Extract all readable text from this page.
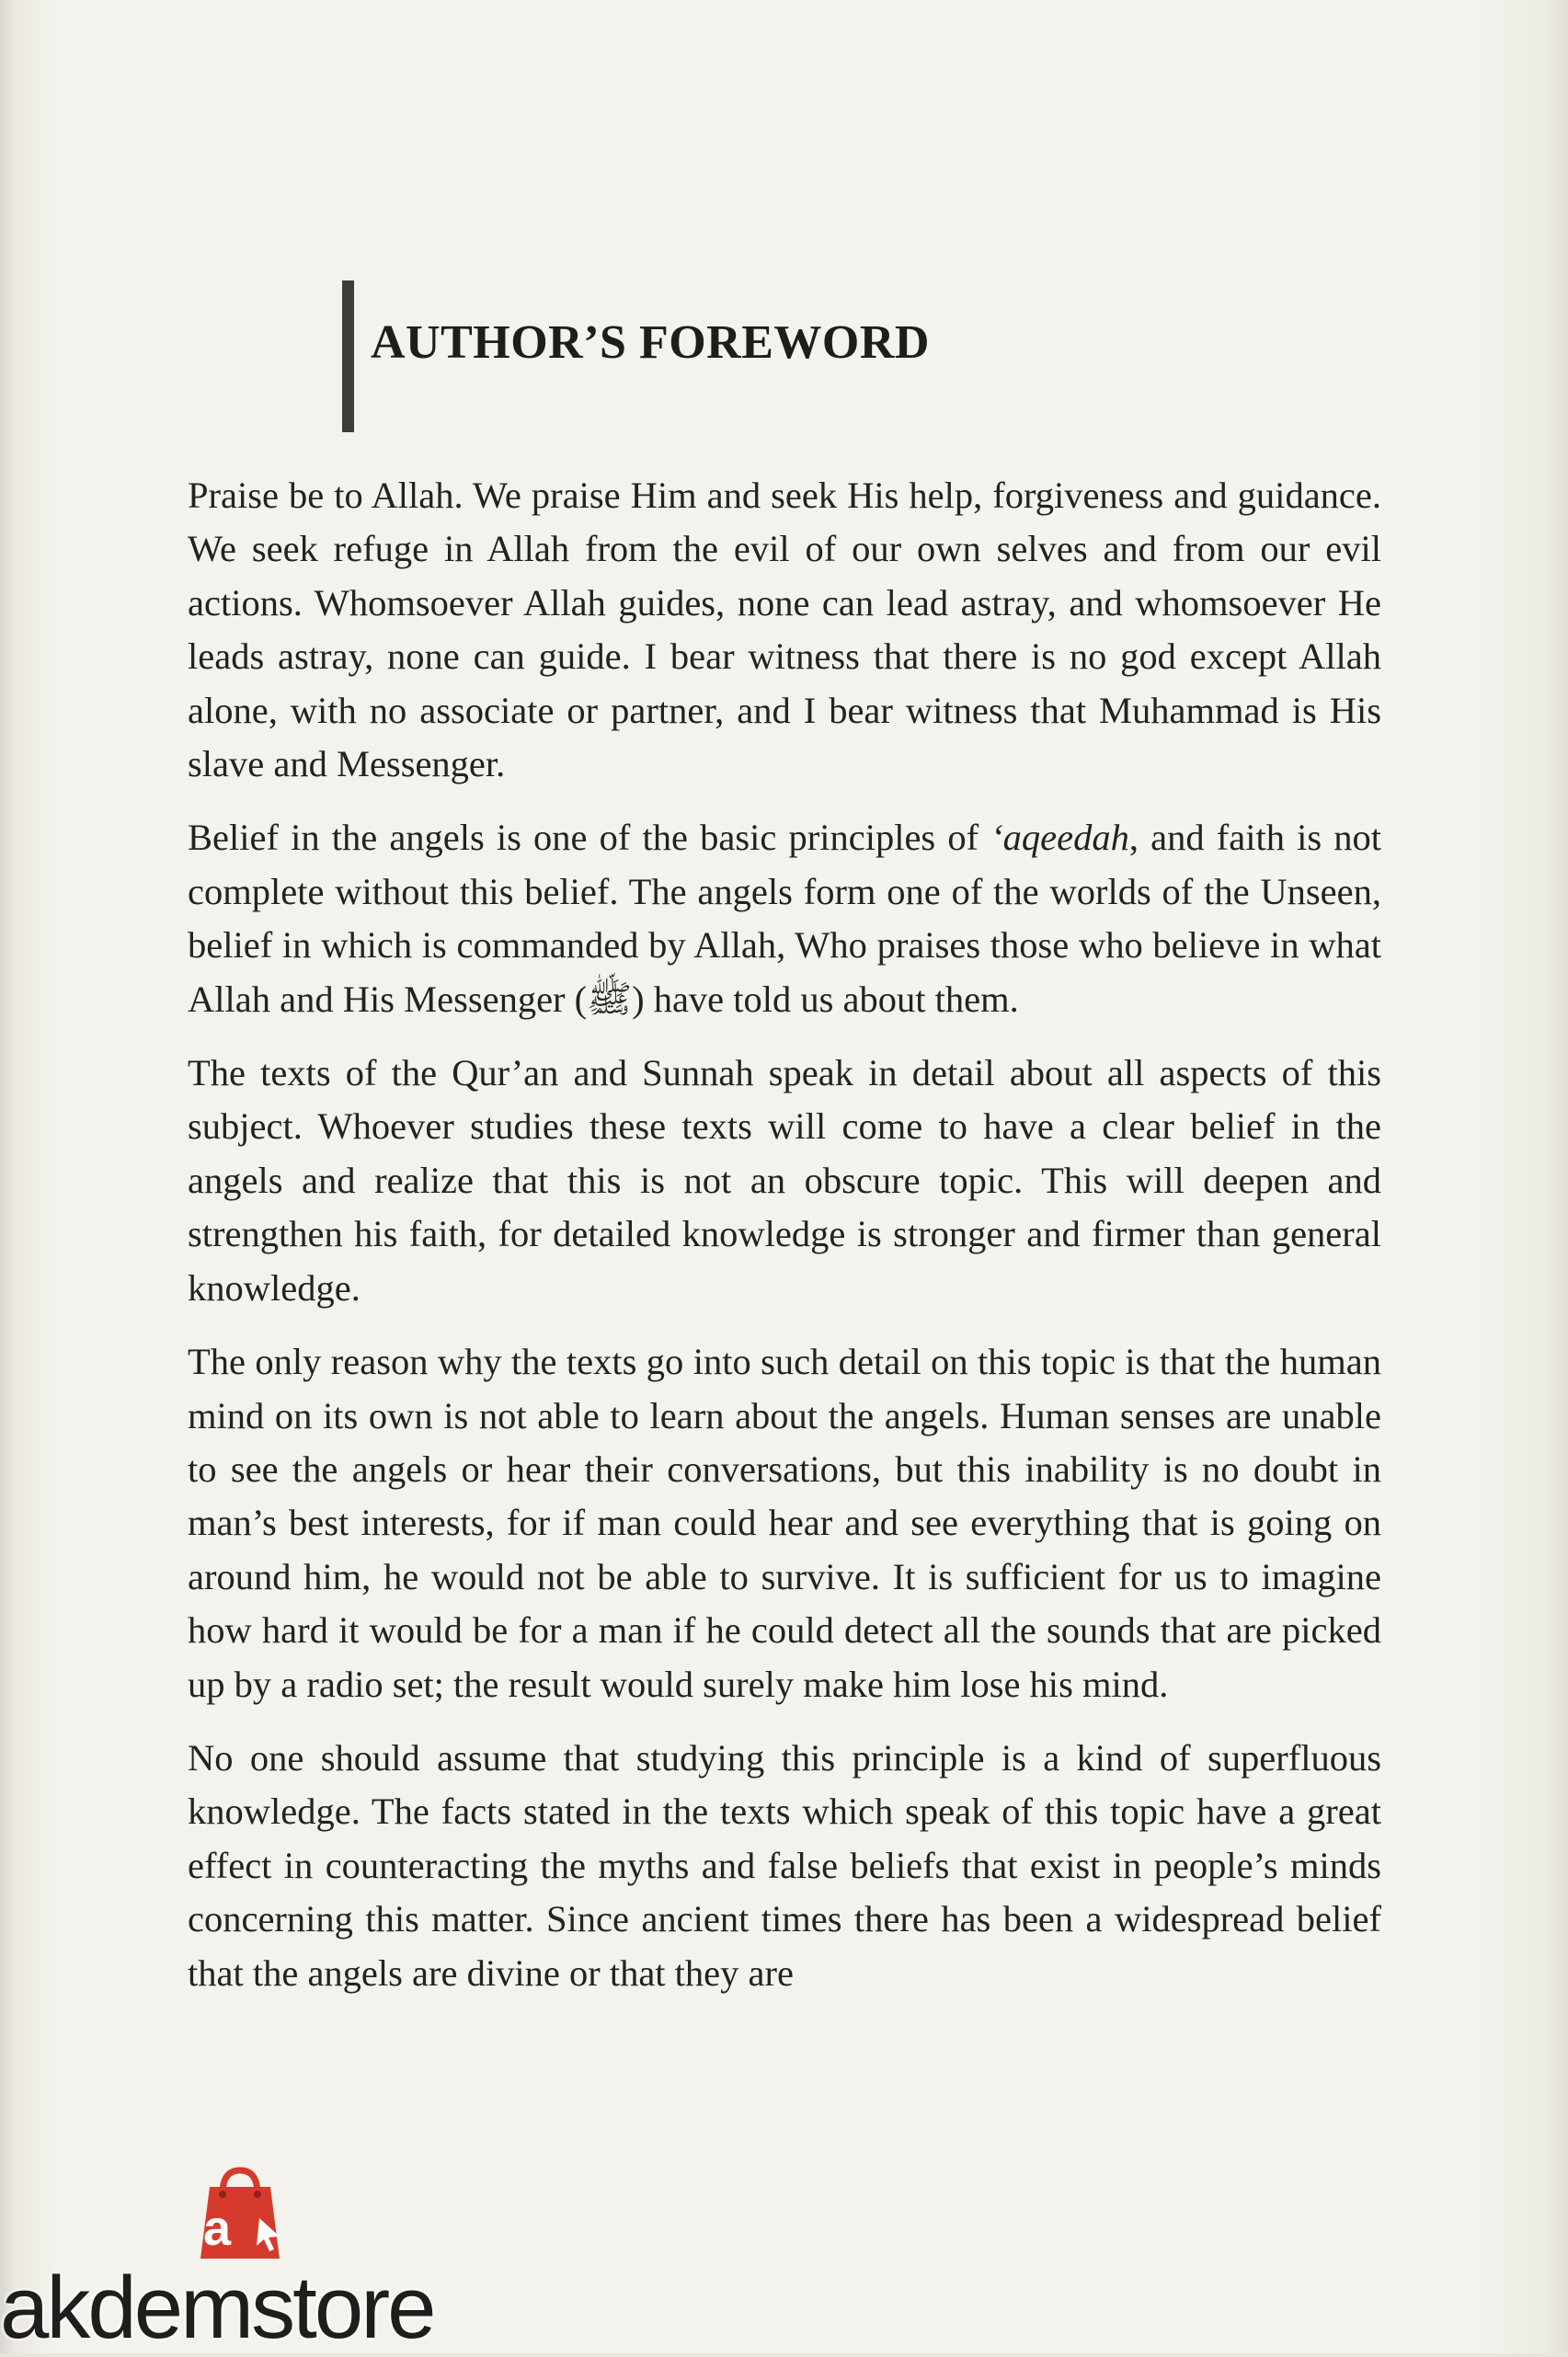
AUTHOR’S FOREWORD

Praise be to Allah. We praise Him and seek His help, forgiveness and guidance. We seek refuge in Allah from the evil of our own selves and from our evil actions. Whomsoever Allah guides, none can lead astray, and whomsoever He leads astray, none can guide. I bear witness that there is no god except Allah alone, with no associate or partner, and I bear witness that Muhammad is His slave and Messenger.

Belief in the angels is one of the basic principles of ‘aqeedah, and faith is not complete without this belief. The angels form one of the worlds of the Unseen, belief in which is commanded by Allah, Who praises those who believe in what Allah and His Messenger (ﷺ) have told us about them.

The texts of the Qur’an and Sunnah speak in detail about all aspects of this subject. Whoever studies these texts will come to have a clear belief in the angels and realize that this is not an obscure topic. This will deepen and strengthen his faith, for detailed knowledge is stronger and firmer than general knowledge.

The only reason why the texts go into such detail on this topic is that the human mind on its own is not able to learn about the angels. Human senses are unable to see the angels or hear their conversations, but this inability is no doubt in man’s best interests, for if man could hear and see everything that is going on around him, he would not be able to survive. It is sufficient for us to imagine how hard it would be for a man if he could detect all the sounds that are picked up by a radio set; the result would surely make him lose his mind.

No one should assume that studying this principle is a kind of superfluous knowledge. The facts stated in the texts which speak of this topic have a great effect in counteracting the myths and false beliefs that exist in people’s minds concerning this matter. Since ancient times there has been a widespread belief that the angels are divine or that they are

a
akdemstore
